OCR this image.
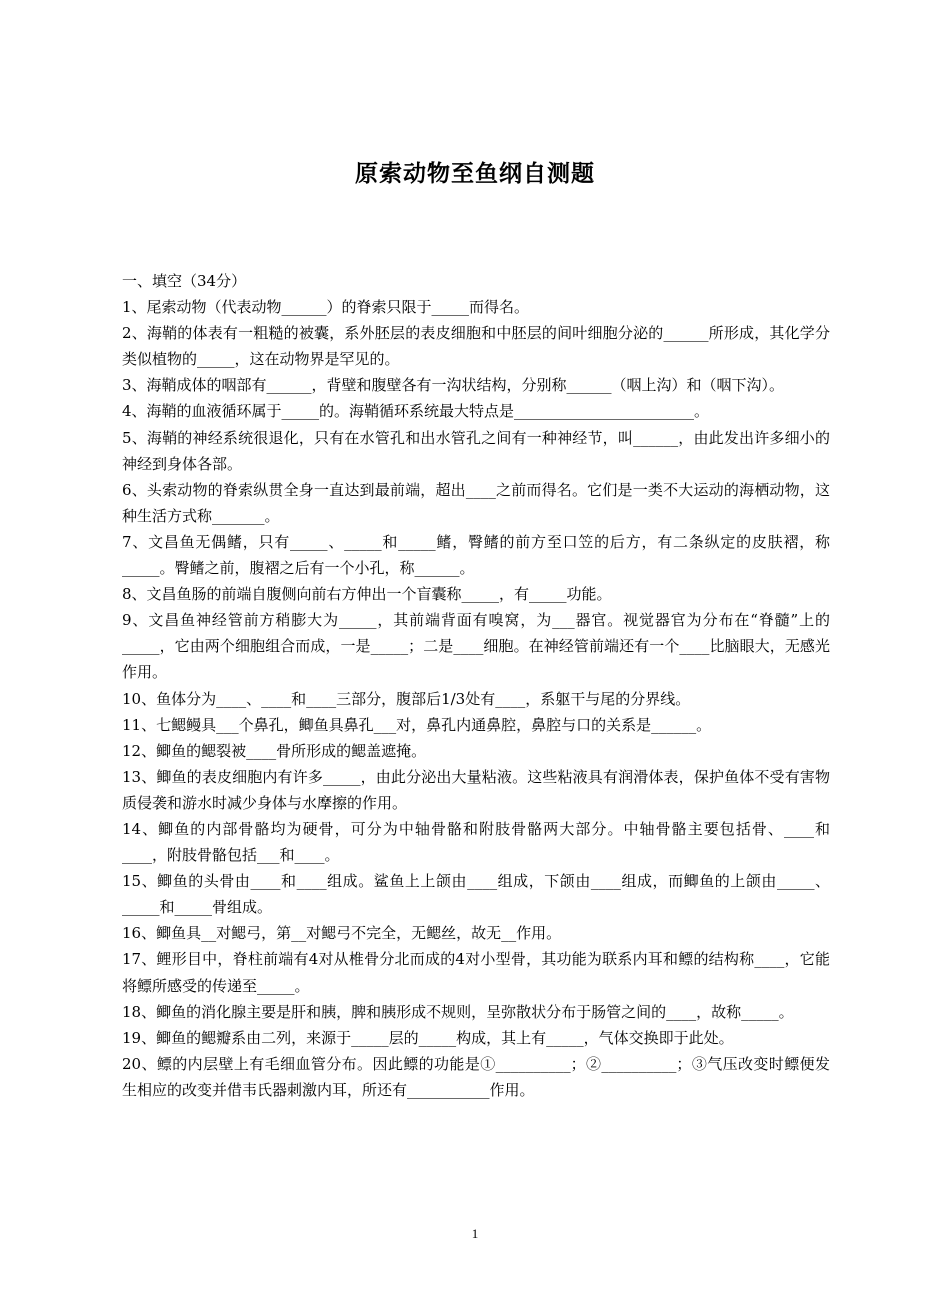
原索动物至鱼纲自测题

一、填空（34分）

1、尾索动物（代表动物______）的脊索只限于_____而得名。

2、海鞘的体表有一粗糙的被囊，系外胚层的表皮细胞和中胚层的间叶细胞分泌的______所形成，其化学分类似植物的_____，这在动物界是罕见的。

3、海鞘成体的咽部有______，背壁和腹壁各有一沟状结构，分别称______（咽上沟）和（咽下沟）。

4、海鞘的血液循环属于_____的。海鞘循环系统最大特点是________________________。

5、海鞘的神经系统很退化，只有在水管孔和出水管孔之间有一种神经节，叫______，由此发出许多细小的神经到身体各部。

6、头索动物的脊索纵贯全身一直达到最前端，超出____之前而得名。它们是一类不大运动的海栖动物，这种生活方式称_______。

7、文昌鱼无偶鳍，只有_____、_____和_____鳍，臀鳍的前方至口笠的后方，有二条纵定的皮肤褶，称_____。臀鳍之前，腹褶之后有一个小孔，称______。

8、文昌鱼肠的前端自腹侧向前右方伸出一个盲囊称_____，有_____功能。

9、文昌鱼神经管前方稍膨大为_____，其前端背面有嗅窝，为___器官。视觉器官为分布在“脊髓”上的_____，它由两个细胞组合而成，一是_____；二是____细胞。在神经管前端还有一个____比脑眼大，无感光作用。

10、鱼体分为____、____和____三部分，腹部后1/3处有____，系躯干与尾的分界线。

11、七鳃鳗具___个鼻孔，鲫鱼具鼻孔___对，鼻孔内通鼻腔，鼻腔与口的关系是______。

12、鲫鱼的鳃裂被____骨所形成的鳃盖遮掩。

13、鲫鱼的表皮细胞内有许多_____，由此分泌出大量粘液。这些粘液具有润滑体表，保护鱼体不受有害物质侵袭和游水时减少身体与水摩擦的作用。

14、鲫鱼的内部骨骼均为硬骨，可分为中轴骨骼和附肢骨骼两大部分。中轴骨骼主要包括骨、____和____，附肢骨骼包括___和____。

15、鲫鱼的头骨由____和____组成。鲨鱼上上颌由____组成，下颌由____组成，而鲫鱼的上颌由_____、_____和_____骨组成。

16、鲫鱼具__对鳃弓，第__对鳃弓不完全，无鳃丝，故无__作用。

17、鲤形目中，脊柱前端有4对从椎骨分北而成的4对小型骨，其功能为联系内耳和鳔的结构称____，它能将鳔所感受的传递至_____。

18、鲫鱼的消化腺主要是肝和胰，脾和胰形成不规则，呈弥散状分布于肠管之间的____，故称_____。

19、鲫鱼的鳃瓣系由二列，来源于_____层的_____构成，其上有_____，气体交换即于此处。

20、鳔的内层壁上有毛细血管分布。因此鳔的功能是①__________；②__________；③气压改变时鳔便发生相应的改变并借韦氏器刺激内耳，所还有___________作用。

1
